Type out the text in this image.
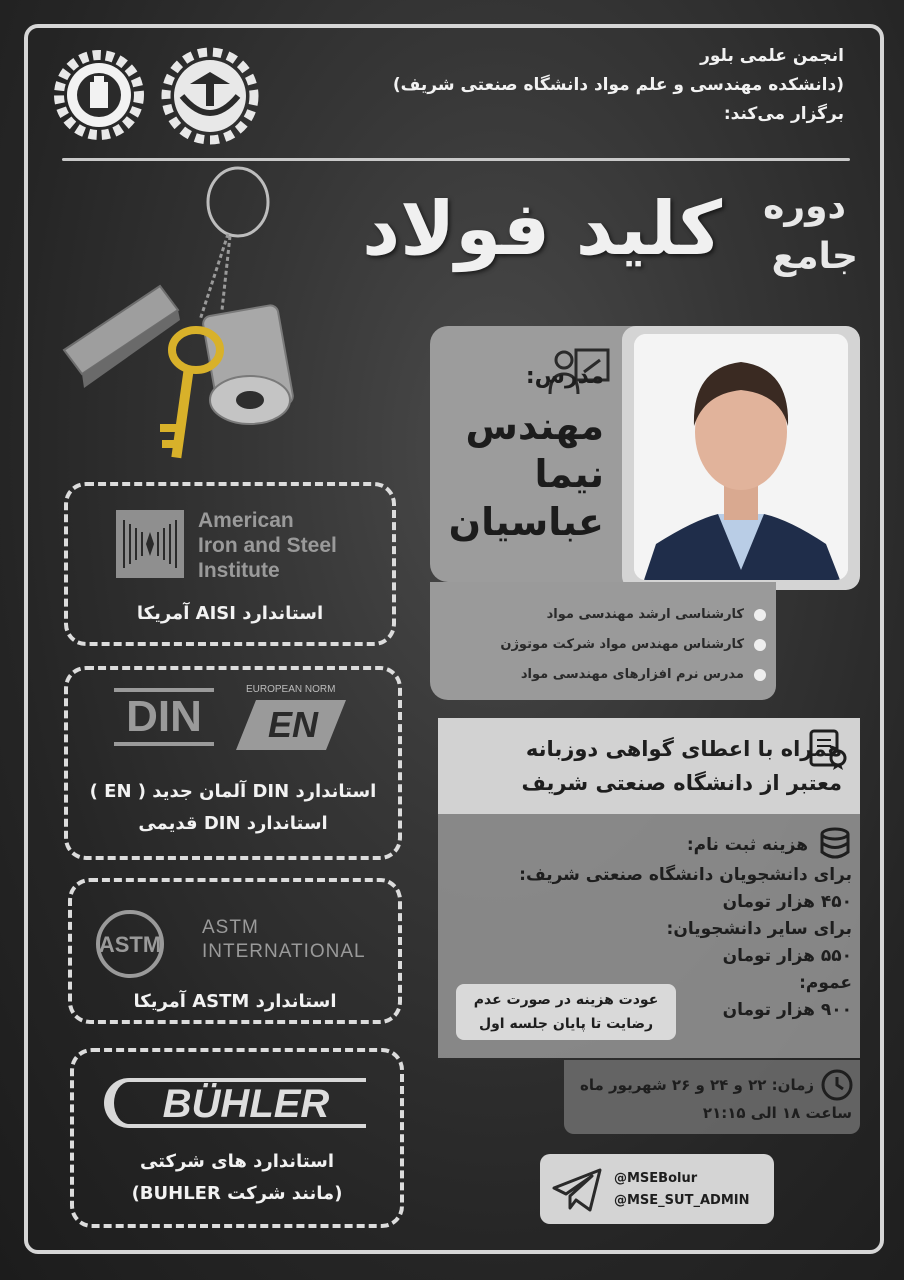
انجمن علمی بلور
(دانشکده مهندسی و علم مواد دانشگاه صنعتی شریف)
برگزار می‌کند:
دوره
جامع
کلید فولاد
مدرس:
مهندس
نیما
عباسیان
کارشناسی ارشد مهندسی مواد
کارشناس مهندس مواد شرکت موتوژن
مدرس نرم افزارهای مهندسی مواد
همراه با اعطای گواهی دوزبانه
معتبر از دانشگاه صنعتی شریف
هزینه ثبت نام:
برای دانشجویان دانشگاه صنعتی شریف:
۴۵۰ هزار تومان
برای سایر دانشجویان:
۵۵۰ هزار تومان
عموم:
۹۰۰ هزار تومان
عودت هزینه در صورت عدم
رضایت تا پایان جلسه اول
زمان: ۲۲ و ۲۴ و ۲۶ شهریور ماه
ساعت ۱۸ الی ۲۱:۱۵
@MSEBolur
@MSE_SUT_ADMIN
American
Iron and Steel
Institute
استاندارد AISI آمریکا
DIN
EUROPEAN NORM
EN
استاندارد DIN آلمان جدید ( EN )
استاندارد DIN قدیمی
ASTM
ASTM
INTERNATIONAL
استاندارد ASTM آمریکا
BÜHLER
استاندارد های شرکتی
(مانند شرکت BUHLER)
